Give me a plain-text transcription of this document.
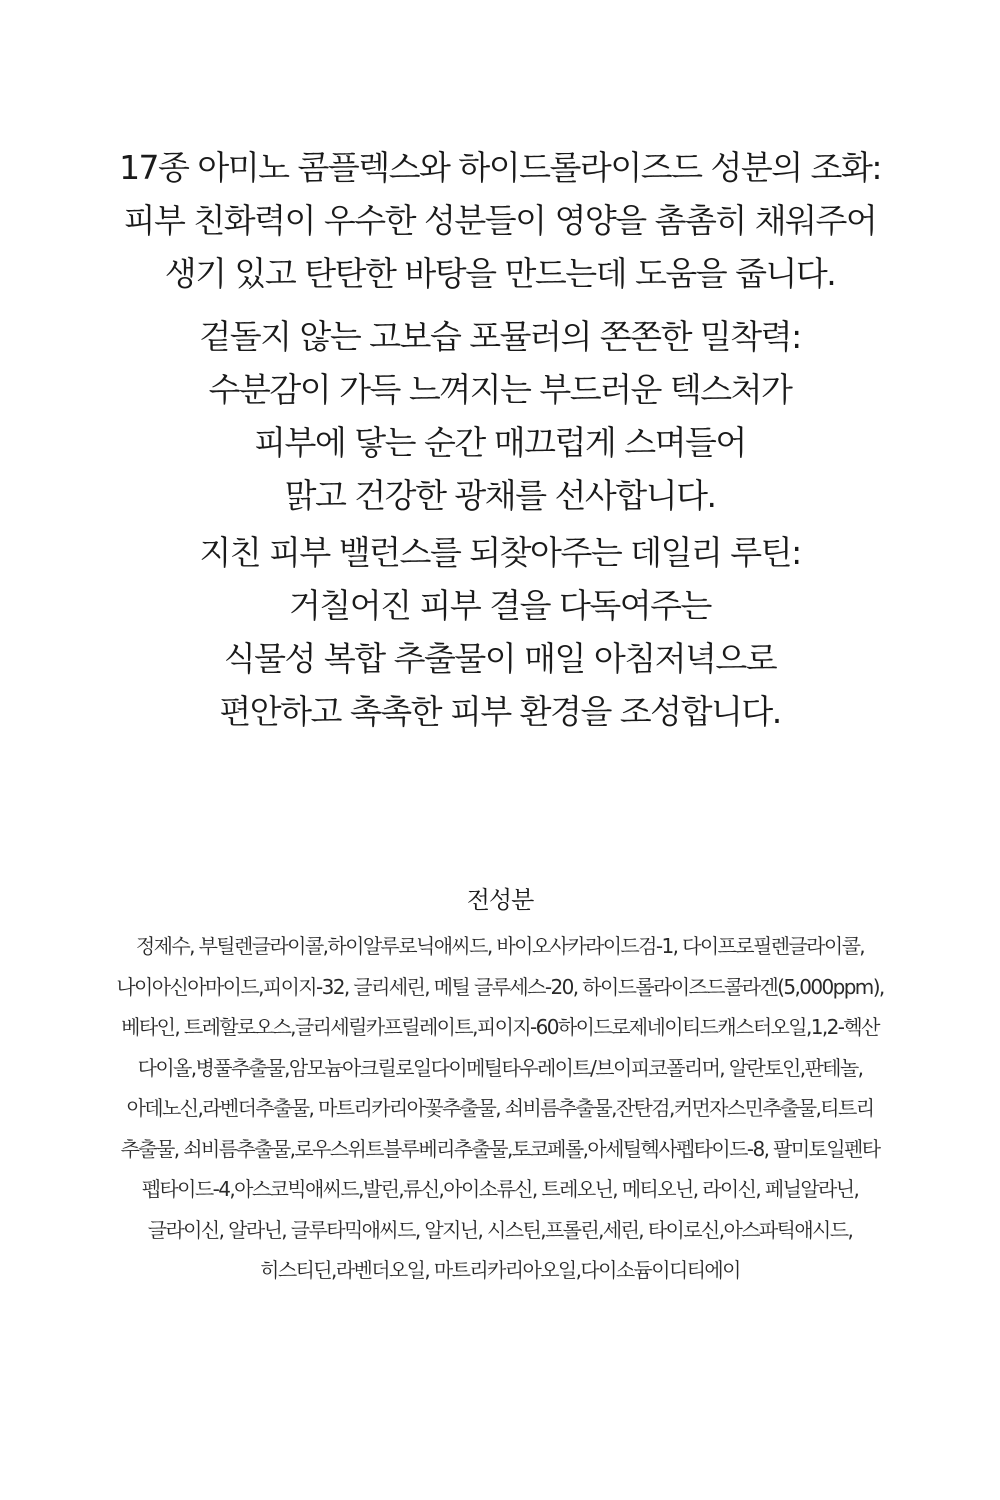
17종 아미노 콤플렉스와 하이드롤라이즈드 성분의 조화:
피부 친화력이 우수한 성분들이 영양을 촘촘히 채워주어
생기 있고 탄탄한 바탕을 만드는데 도움을 줍니다.
겉돌지 않는 고보습 포뮬러의 쫀쫀한 밀착력:
수분감이 가득 느껴지는 부드러운 텍스처가
피부에 닿는 순간 매끄럽게 스며들어
맑고 건강한 광채를 선사합니다.
지친 피부 밸런스를 되찾아주는 데일리 루틴:
거칠어진 피부 결을 다독여주는
식물성 복합 추출물이 매일 아침저녁으로
편안하고 촉촉한 피부 환경을 조성합니다.
전성분
정제수, 부틸렌글라이콜,하이알루로닉애씨드, 바이오사카라이드검-1, 다이프로필렌글라이콜,
나이아신아마이드,피이지-32, 글리세린, 메틸 글루세스-20, 하이드롤라이즈드콜라겐(5,000ppm),
베타인, 트레할로오스,글리세릴카프릴레이트,피이지-60하이드로제네이티드캐스터오일,1,2-헥산
다이올,병풀추출물,암모늄아크릴로일다이메틸타우레이트/브이피코폴리머, 알란토인,판테놀,
아데노신,라벤더추출물, 마트리카리아꽃추출물, 쇠비름추출물,잔탄검,커먼자스민추출물,티트리
추출물, 쇠비름추출물,로우스위트블루베리추출물,토코페롤,아세틸헥사펩타이드-8, 팔미토일펜타
펩타이드-4,아스코빅애씨드,발린,류신,아이소류신, 트레오닌, 메티오닌, 라이신, 페닐알라닌,
글라이신, 알라닌, 글루타믹애씨드, 알지닌, 시스틴,프롤린,세린, 타이로신,아스파틱애시드,
히스티딘,라벤더오일, 마트리카리아오일,다이소듐이디티에이
